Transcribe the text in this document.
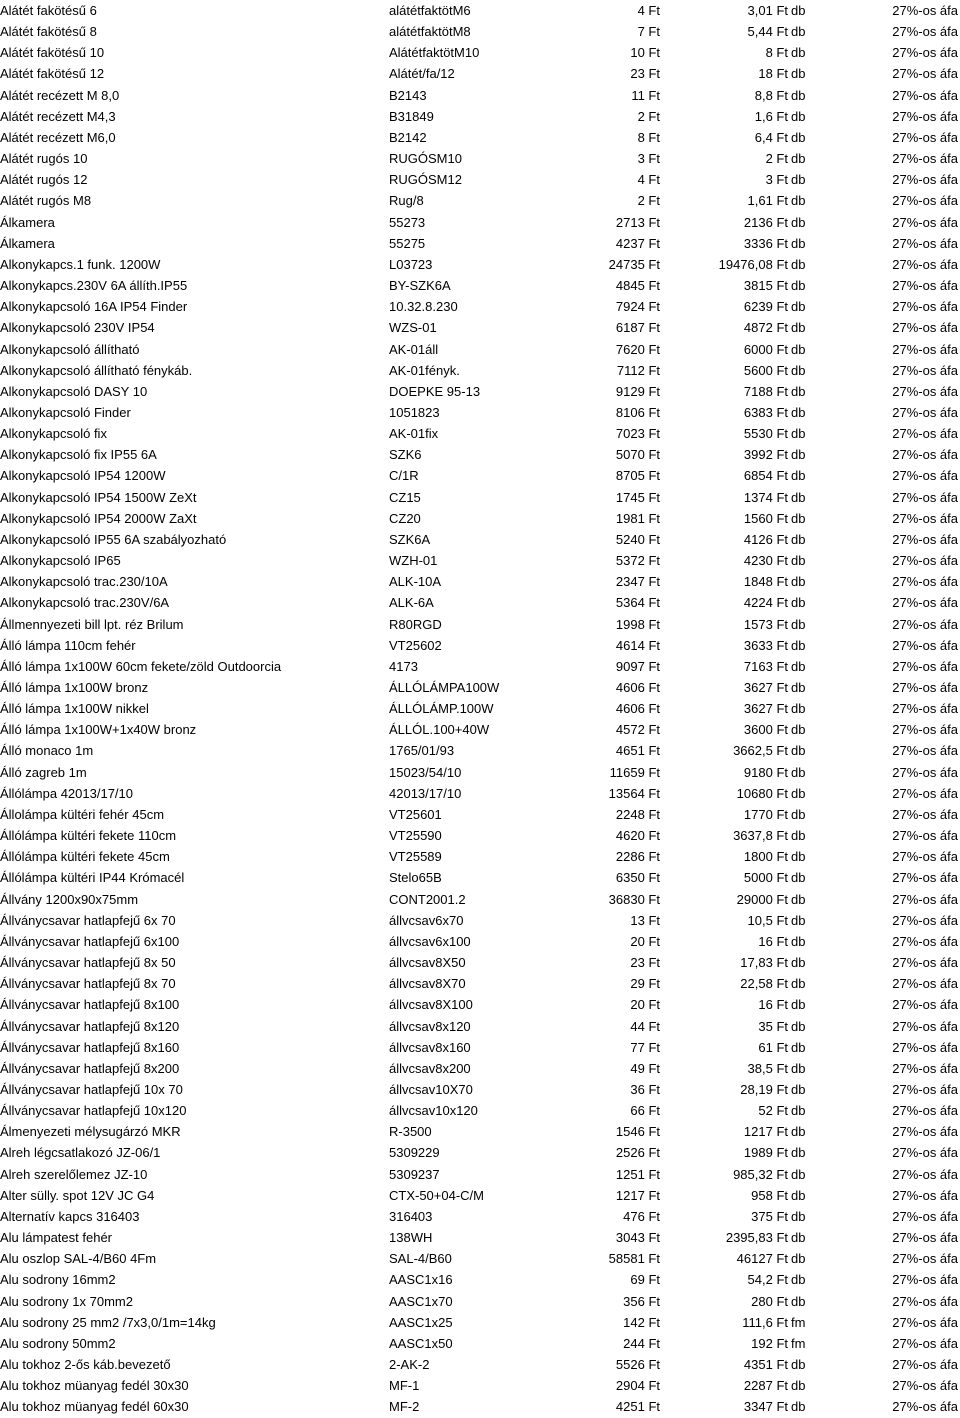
Alátét fakötésű 6	alátétfaktötM6	4 Ft	3,01 Ft db	27%-os áfa
Alátét fakötésű 8	alátétfaktötM8	7 Ft	5,44 Ft db	27%-os áfa
Alátét fakötésű 10	AlátétfaktötM10	10 Ft	8 Ft db	27%-os áfa
Alátét fakötésű 12	Alátét/fa/12	23 Ft	18 Ft db	27%-os áfa
Alátét recézett M 8,0	B2143	11 Ft	8,8 Ft db	27%-os áfa
Alátét recézett M4,3	B31849	2 Ft	1,6 Ft db	27%-os áfa
Alátét recézett M6,0	B2142	8 Ft	6,4 Ft db	27%-os áfa
Alátét rugós 10	RUGÓSM10	3 Ft	2 Ft db	27%-os áfa
Alátét rugós 12	RUGÓSM12	4 Ft	3 Ft db	27%-os áfa
Alátét rugós M8	Rug/8	2 Ft	1,61 Ft db	27%-os áfa
Álkamera	55273	2713 Ft	2136 Ft db	27%-os áfa
Álkamera	55275	4237 Ft	3336 Ft db	27%-os áfa
Alkonykapcs.1 funk. 1200W	L03723	24735 Ft	19476,08 Ft db	27%-os áfa
Alkonykapcs.230V 6A állíth.IP55	BY-SZK6A	4845 Ft	3815 Ft db	27%-os áfa
Alkonykapcsoló 16A IP54 Finder	10.32.8.230	7924 Ft	6239 Ft db	27%-os áfa
Alkonykapcsoló 230V IP54	WZS-01	6187 Ft	4872 Ft db	27%-os áfa
Alkonykapcsoló állítható	AK-01áll	7620 Ft	6000 Ft db	27%-os áfa
Alkonykapcsoló állítható fénykáb.	AK-01fényk.	7112 Ft	5600 Ft db	27%-os áfa
Alkonykapcsoló DASY 10	DOEPKE 95-13	9129 Ft	7188 Ft db	27%-os áfa
Alkonykapcsoló Finder	1051823	8106 Ft	6383 Ft db	27%-os áfa
Alkonykapcsoló fix	AK-01fix	7023 Ft	5530 Ft db	27%-os áfa
Alkonykapcsoló fix IP55 6A	SZK6	5070 Ft	3992 Ft db	27%-os áfa
Alkonykapcsoló IP54 1200W	C/1R	8705 Ft	6854 Ft db	27%-os áfa
Alkonykapcsoló IP54 1500W ZeXt	CZ15	1745 Ft	1374 Ft db	27%-os áfa
Alkonykapcsoló IP54 2000W ZaXt	CZ20	1981 Ft	1560 Ft db	27%-os áfa
Alkonykapcsoló IP55 6A szabályozható	SZK6A	5240 Ft	4126 Ft db	27%-os áfa
Alkonykapcsoló IP65	WZH-01	5372 Ft	4230 Ft db	27%-os áfa
Alkonykapcsoló trac.230/10A	ALK-10A	2347 Ft	1848 Ft db	27%-os áfa
Alkonykapcsoló trac.230V/6A	ALK-6A	5364 Ft	4224 Ft db	27%-os áfa
Állmennyezeti bill lpt. réz Brilum	R80RGD	1998 Ft	1573 Ft db	27%-os áfa
Álló lámpa 110cm fehér	VT25602	4614 Ft	3633 Ft db	27%-os áfa
Álló lámpa 1x100W 60cm fekete/zöld Outdoorcia	4173	9097 Ft	7163 Ft db	27%-os áfa
Álló lámpa 1x100W bronz	ÁLLÓLÁMPA100W	4606 Ft	3627 Ft db	27%-os áfa
Álló lámpa 1x100W nikkel	ÁLLÓLÁMP.100W	4606 Ft	3627 Ft db	27%-os áfa
Álló lámpa 1x100W+1x40W bronz	ÁLLÓL.100+40W	4572 Ft	3600 Ft db	27%-os áfa
Álló monaco 1m	1765/01/93	4651 Ft	3662,5 Ft db	27%-os áfa
Álló zagreb 1m	15023/54/10	11659 Ft	9180 Ft db	27%-os áfa
Állólámpa 42013/17/10	42013/17/10	13564 Ft	10680 Ft db	27%-os áfa
Állolámpa kültéri fehér 45cm	VT25601	2248 Ft	1770 Ft db	27%-os áfa
Állólámpa kültéri fekete 110cm	VT25590	4620 Ft	3637,8 Ft db	27%-os áfa
Állólámpa kültéri fekete 45cm	VT25589	2286 Ft	1800 Ft db	27%-os áfa
Állólámpa kültéri IP44 Krómacél	Stelo65B	6350 Ft	5000 Ft db	27%-os áfa
Állvány 1200x90x75mm	CONT2001.2	36830 Ft	29000 Ft db	27%-os áfa
Állványcsavar hatlapfejű 6x 70	állvcsav6x70	13 Ft	10,5 Ft db	27%-os áfa
Állványcsavar hatlapfejű 6x100	állvcsav6x100	20 Ft	16 Ft db	27%-os áfa
Állványcsavar hatlapfejű 8x 50	állvcsav8X50	23 Ft	17,83 Ft db	27%-os áfa
Állványcsavar hatlapfejű 8x 70	állvcsav8X70	29 Ft	22,58 Ft db	27%-os áfa
Állványcsavar hatlapfejű 8x100	állvcsav8X100	20 Ft	16 Ft db	27%-os áfa
Állványcsavar hatlapfejű 8x120	állvcsav8x120	44 Ft	35 Ft db	27%-os áfa
Állványcsavar hatlapfejű 8x160	állvcsav8x160	77 Ft	61 Ft db	27%-os áfa
Állványcsavar hatlapfejű 8x200	állvcsav8x200	49 Ft	38,5 Ft db	27%-os áfa
Állványcsavar hatlapfejű 10x 70	állvcsav10X70	36 Ft	28,19 Ft db	27%-os áfa
Állványcsavar hatlapfejű 10x120	állvcsav10x120	66 Ft	52 Ft db	27%-os áfa
Álmenyezeti mélysugárzó MKR	R-3500	1546 Ft	1217 Ft db	27%-os áfa
Alreh légcsatlakozó JZ-06/1	5309229	2526 Ft	1989 Ft db	27%-os áfa
Alreh szerelőlemez JZ-10	5309237	1251 Ft	985,32 Ft db	27%-os áfa
Alter sülly. spot 12V JC G4	CTX-50+04-C/M	1217 Ft	958 Ft db	27%-os áfa
Alternatív kapcs 316403	316403	476 Ft	375 Ft db	27%-os áfa
Alu lámpatest fehér	138WH	3043 Ft	2395,83 Ft db	27%-os áfa
Alu oszlop SAL-4/B60 4Fm	SAL-4/B60	58581 Ft	46127 Ft db	27%-os áfa
Alu sodrony 16mm2	AASC1x16	69 Ft	54,2 Ft db	27%-os áfa
Alu sodrony 1x 70mm2	AASC1x70	356 Ft	280 Ft db	27%-os áfa
Alu sodrony 25 mm2 /7x3,0/1m=14kg	AASC1x25	142 Ft	111,6 Ft fm	27%-os áfa
Alu sodrony 50mm2	AASC1x50	244 Ft	192 Ft fm	27%-os áfa
Alu tokhoz 2-ős káb.bevezető	2-AK-2	5526 Ft	4351 Ft db	27%-os áfa
Alu tokhoz müanyag fedél 30x30	MF-1	2904 Ft	2287 Ft db	27%-os áfa
Alu tokhoz müanyag fedél 60x30	MF-2	4251 Ft	3347 Ft db	27%-os áfa
